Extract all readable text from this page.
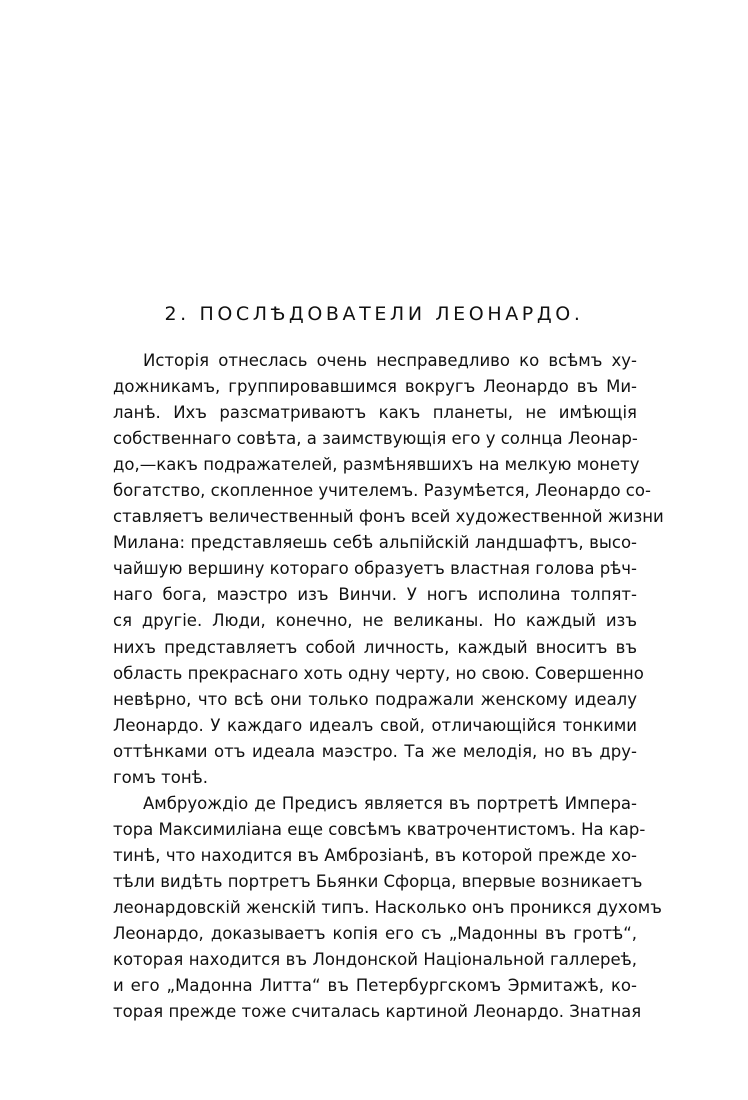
2. ПОСЛѢДОВАТЕЛИ ЛЕОНАРДО.
Исторія отнеслась очень несправедливо ко всѣмъ ху-
дожникамъ, группировавшимся вокругъ Леонардо въ Ми-
ланѣ. Ихъ разсматриваютъ какъ планеты, не имѣющія
собственнаго совѣта, а заимствующія его у солнца Леонар-
до,—какъ подражателей, размѣнявшихъ на мелкую монету
богатство, скопленное учителемъ. Разумѣется, Леонардо со-
ставляетъ величественный фонъ всей художественной жизни
Милана: представляешь себѣ альпійскій ландшафтъ, высо-
чайшую вершину котораго образуетъ властная голова рѣч-
наго бога, маэстро изъ Винчи. У ногъ исполина толпят-
ся другіе. Люди, конечно, не великаны. Но каждый изъ
нихъ представляетъ собой личность, каждый вноситъ въ
область прекраснаго хоть одну черту, но свою. Совершенно
невѣрно, что всѣ они только подражали женскому идеалу
Леонардо. У каждаго идеалъ свой, отличающійся тонкими
оттѣнками отъ идеала маэстро. Та же мелодія, но въ дру-
гомъ тонѣ.
Амбруождіо де Предисъ является въ портретѣ Импера-
тора Максимиліана еще совсѣмъ кватрочентистомъ. На кар-
тинѣ, что находится въ Амброзіанѣ, въ которой прежде хо-
тѣли видѣть портретъ Бьянки Сфорца, впервые возникаетъ
леонардовскій женскій типъ. Насколько онъ проникся духомъ
Леонардо, доказываетъ копія его съ „Мадонны въ гротѣ“,
которая находится въ Лондонской Національной галлереѣ,
и его „Мадонна Литта“ въ Петербургскомъ Эрмитажѣ, ко-
торая прежде тоже считалась картиной Леонардо. Знатная
